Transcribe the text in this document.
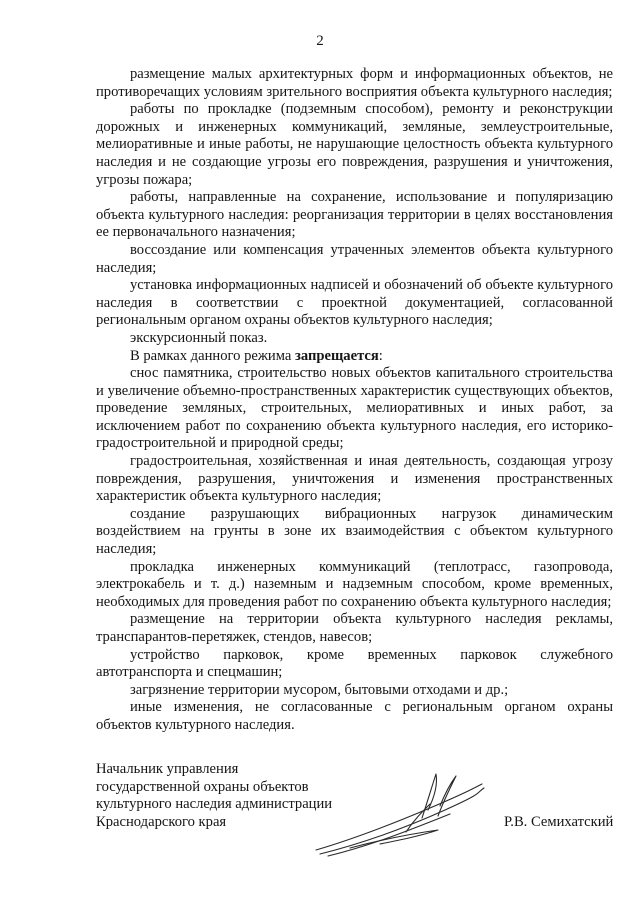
2

размещение малых архитектурных форм и информационных объектов, не противоречащих условиям зрительного восприятия объекта культурного наследия;

работы по прокладке (подземным способом), ремонту и реконструкции дорожных и инженерных коммуникаций, земляные, землеустроительные, мелиоративные и иные работы, не нарушающие целостность объекта культурного наследия и не создающие угрозы его повреждения, разрушения и уничтожения, угрозы пожара;

работы, направленные на сохранение, использование и популяризацию объекта культурного наследия: реорганизация территории в целях восстановления ее первоначального назначения;

воссоздание или компенсация утраченных элементов объекта культурного наследия;

установка информационных надписей и обозначений об объекте культурного наследия в соответствии с проектной документацией, согласованной региональным органом охраны объектов культурного наследия;

экскурсионный показ.

В рамках данного режима запрещается:

снос памятника, строительство новых объектов капитального строительства и увеличение объемно-пространственных характеристик существующих объектов, проведение земляных, строительных, мелиоративных и иных работ, за исключением работ по сохранению объекта культурного наследия, его историко-градостроительной и природной среды;

градостроительная, хозяйственная и иная деятельность, создающая угрозу повреждения, разрушения, уничтожения и изменения пространственных характеристик объекта культурного наследия;

создание разрушающих вибрационных нагрузок динамическим воздействием на грунты в зоне их взаимодействия с объектом культурного наследия;

прокладка инженерных коммуникаций (теплотрасс, газопровода, электрокабель и т. д.) наземным и надземным способом, кроме временных, необходимых для проведения работ по сохранению объекта культурного наследия;

размещение на территории объекта культурного наследия рекламы, транспарантов-перетяжек, стендов, навесов;

устройство парковок, кроме временных парковок служебного автотранспорта и спецмашин;

загрязнение территории мусором, бытовыми отходами и др.;

иные изменения, не согласованные с региональным органом охраны объектов культурного наследия.

Начальник управления
государственной охраны объектов
культурного наследия администрации
Краснодарского края	Р.В. Семихатский
